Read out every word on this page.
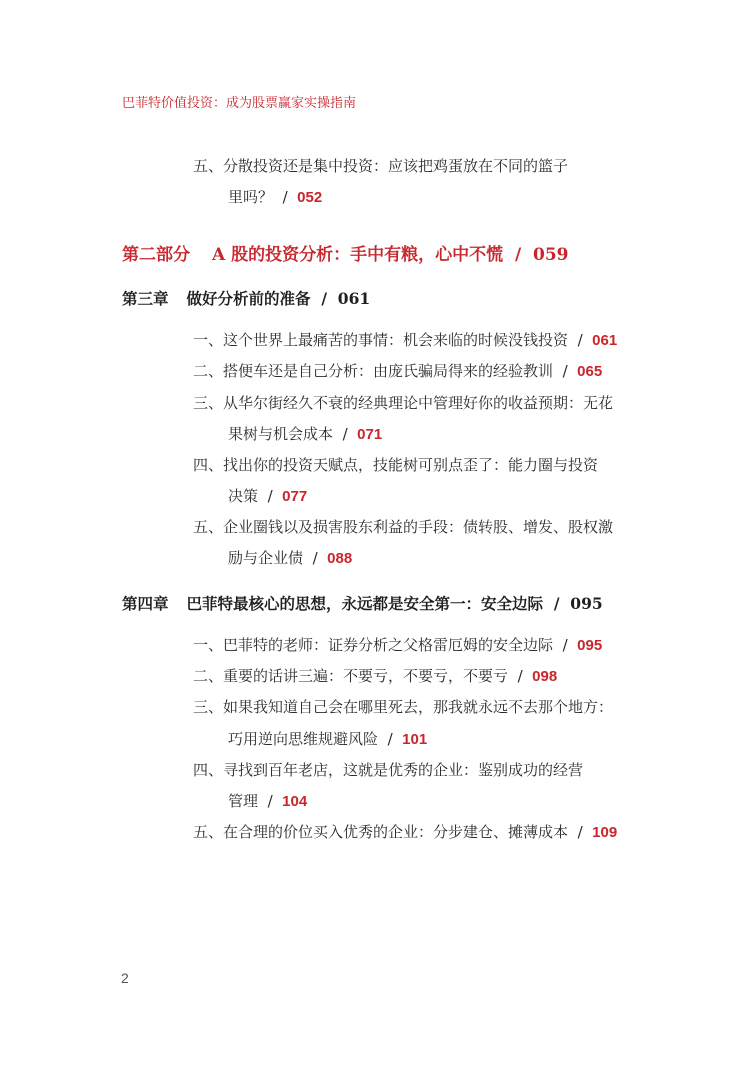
巴菲特价值投资：成为股票赢家实操指南
五、分散投资还是集中投资：应该把鸡蛋放在不同的篮子
里吗？ / 052
第二部分 A 股的投资分析：手中有粮，心中不慌 / 059
第三章 做好分析前的准备 / 061
一、这个世界上最痛苦的事情：机会来临的时候没钱投资 / 061
二、搭便车还是自己分析：由庞氏骗局得来的经验教训 / 065
三、从华尔街经久不衰的经典理论中管理好你的收益预期：无花
果树与机会成本 / 071
四、找出你的投资天赋点，技能树可别点歪了：能力圈与投资
决策 / 077
五、企业圈钱以及损害股东利益的手段：债转股、增发、股权激
励与企业债 / 088
第四章 巴菲特最核心的思想，永远都是安全第一：安全边际 / 095
一、巴菲特的老师：证券分析之父格雷厄姆的安全边际 / 095
二、重要的话讲三遍：不要亏，不要亏，不要亏 / 098
三、如果我知道自己会在哪里死去，那我就永远不去那个地方：
巧用逆向思维规避风险 / 101
四、寻找到百年老店，这就是优秀的企业：鉴别成功的经营
管理 / 104
五、在合理的价位买入优秀的企业：分步建仓、摊薄成本 / 109
2
